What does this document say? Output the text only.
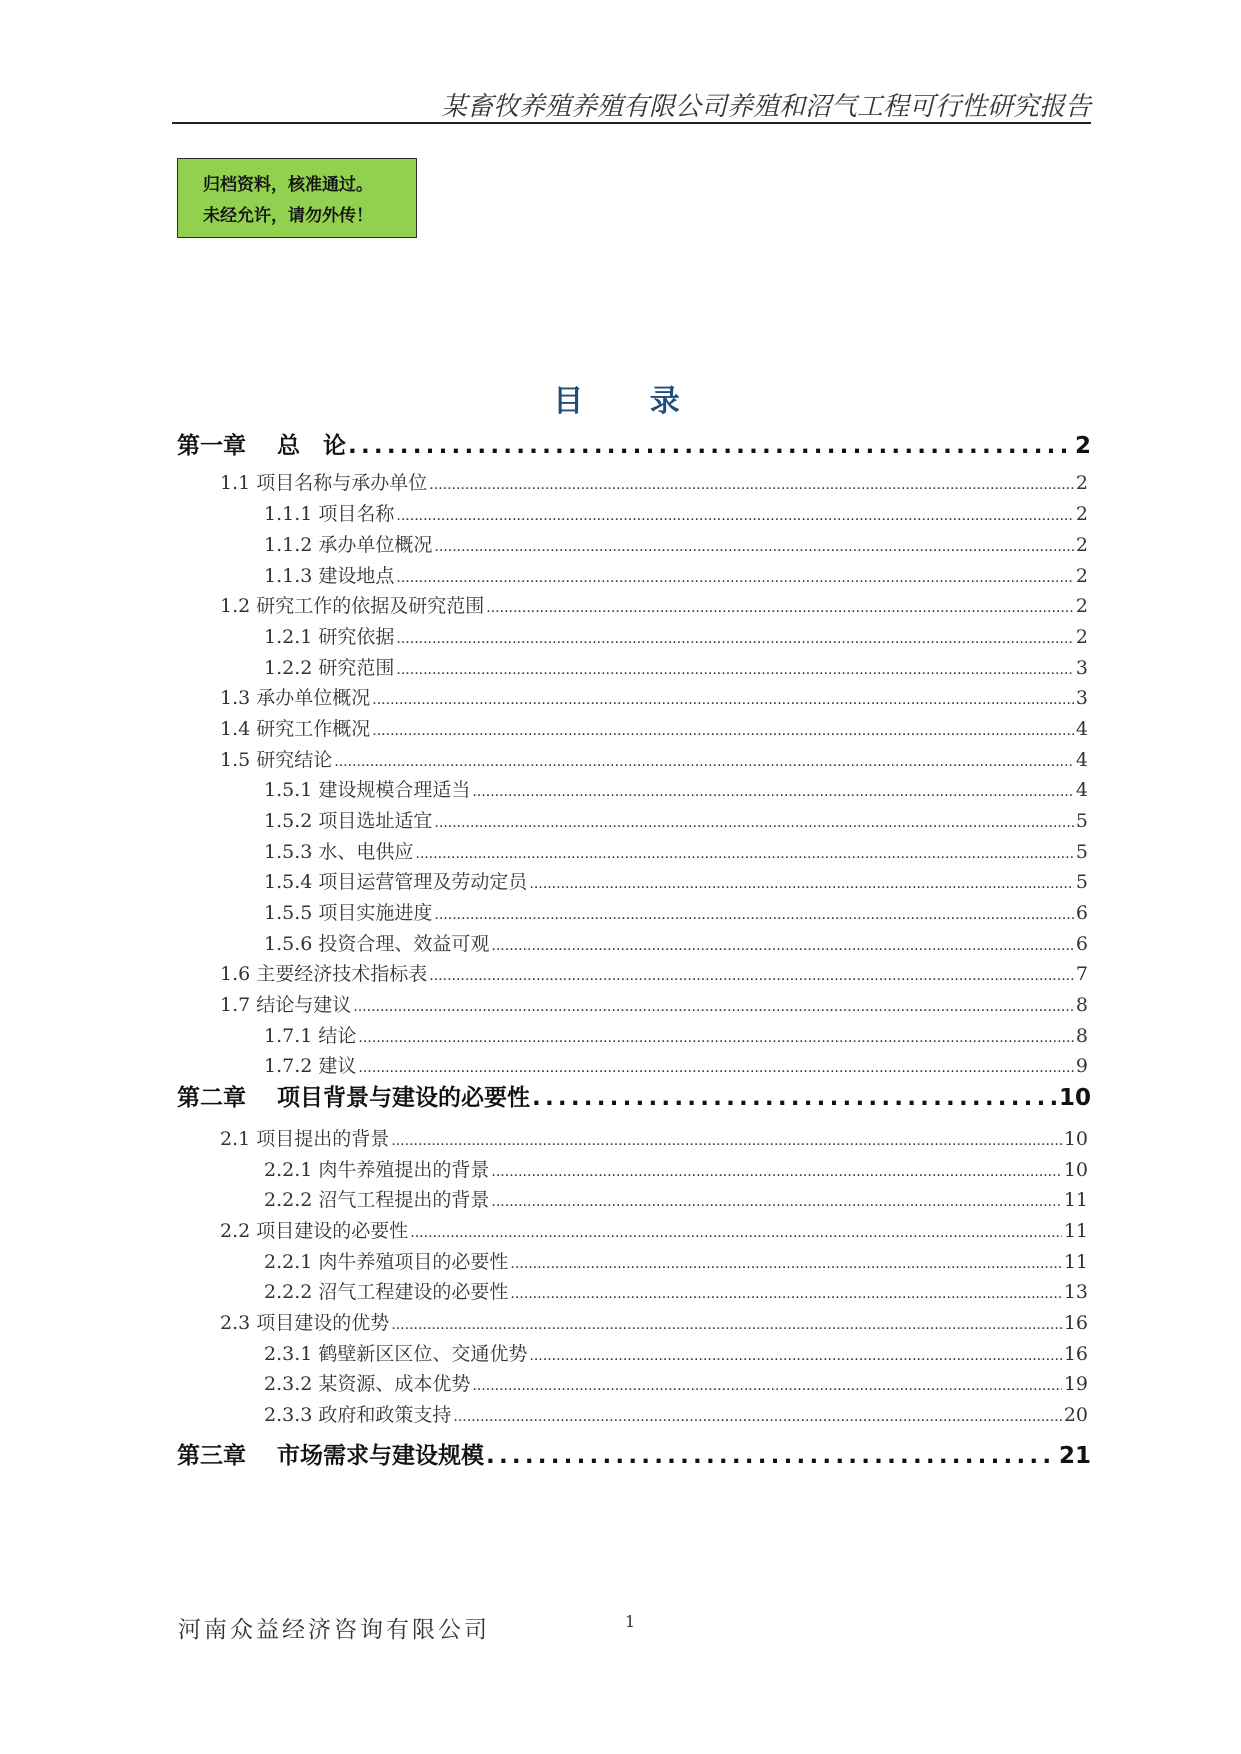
某畜牧养殖养殖有限公司养殖和沼气工程可行性研究报告
归档资料，核准通过。
未经允许，请勿外传！
目 录
第一章　 总　论 .....	2
1.1 项目名称与承办单位 .....	2
1.1.1 项目名称 .....	2
1.1.2 承办单位概况 .....	2
1.1.3 建设地点 .....	2
1.2 研究工作的依据及研究范围 .....	2
1.2.1 研究依据 .....	2
1.2.2 研究范围 .....	3
1.3 承办单位概况 .....	3
1.4 研究工作概况 .....	4
1.5 研究结论 .....	4
1.5.1 建设规模合理适当 .....	4
1.5.2 项目选址适宜 .....	5
1.5.3 水、电供应 .....	5
1.5.4 项目运营管理及劳动定员 .....	5
1.5.5 项目实施进度 .....	6
1.5.6 投资合理、效益可观 .....	6
1.6 主要经济技术指标表 .....	7
1.7 结论与建议 .....	8
1.7.1 结论 .....	8
1.7.2 建议 .....	9
第二章　 项目背景与建设的必要性 .....	10
2.1 项目提出的背景 .....	10
2.2.1 肉牛养殖提出的背景 .....	10
2.2.2 沼气工程提出的背景 .....	11
2.2 项目建设的必要性 .....	11
2.2.1 肉牛养殖项目的必要性 .....	11
2.2.2 沼气工程建设的必要性 .....	13
2.3 项目建设的优势 .....	16
2.3.1 鹤壁新区区位、交通优势 .....	16
2.3.2 某资源、成本优势 .....	19
2.3.3 政府和政策支持 .....	20
第三章　 市场需求与建设规模 .....	21
河南众益经济咨询有限公司	1
